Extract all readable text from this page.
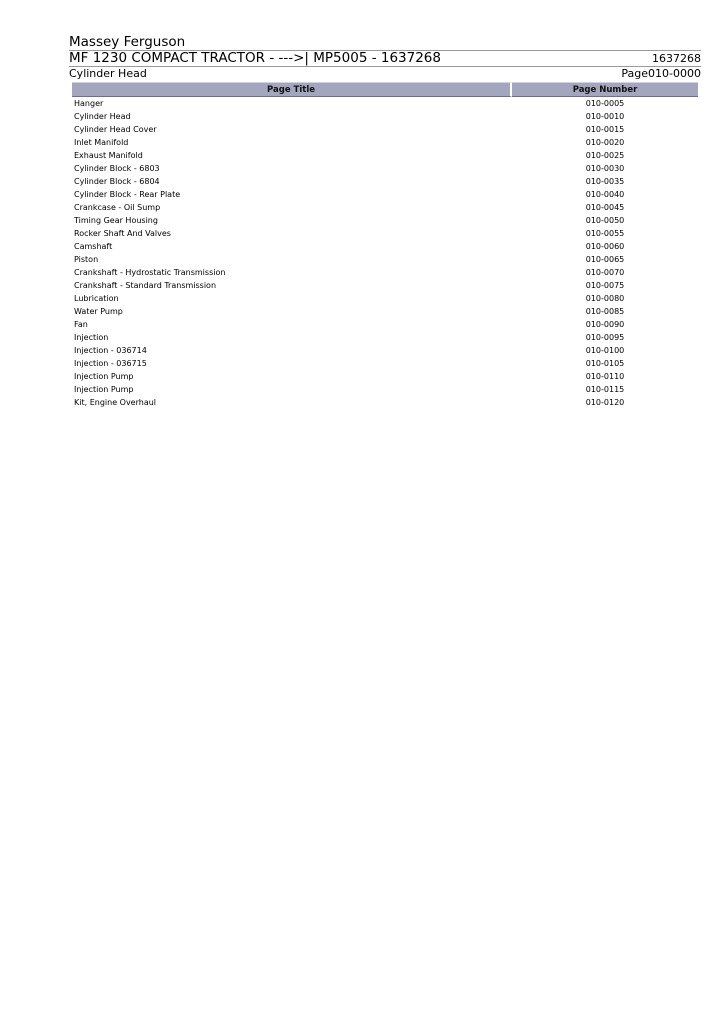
Massey Ferguson
MF 1230 COMPACT TRACTOR - --->| MP5005 - 1637268	1637268
Cylinder Head	Page010-0000
Page Title	Page Number
Hanger	010-0005
Cylinder Head	010-0010
Cylinder Head Cover	010-0015
Inlet Manifold	010-0020
Exhaust Manifold	010-0025
Cylinder Block - 6803	010-0030
Cylinder Block - 6804	010-0035
Cylinder Block - Rear Plate	010-0040
Crankcase - Oil Sump	010-0045
Timing Gear Housing	010-0050
Rocker Shaft And Valves	010-0055
Camshaft	010-0060
Piston	010-0065
Crankshaft - Hydrostatic Transmission	010-0070
Crankshaft - Standard Transmission	010-0075
Lubrication	010-0080
Water Pump	010-0085
Fan	010-0090
Injection	010-0095
Injection - 036714	010-0100
Injection - 036715	010-0105
Injection Pump	010-0110
Injection Pump	010-0115
Kit, Engine Overhaul	010-0120
